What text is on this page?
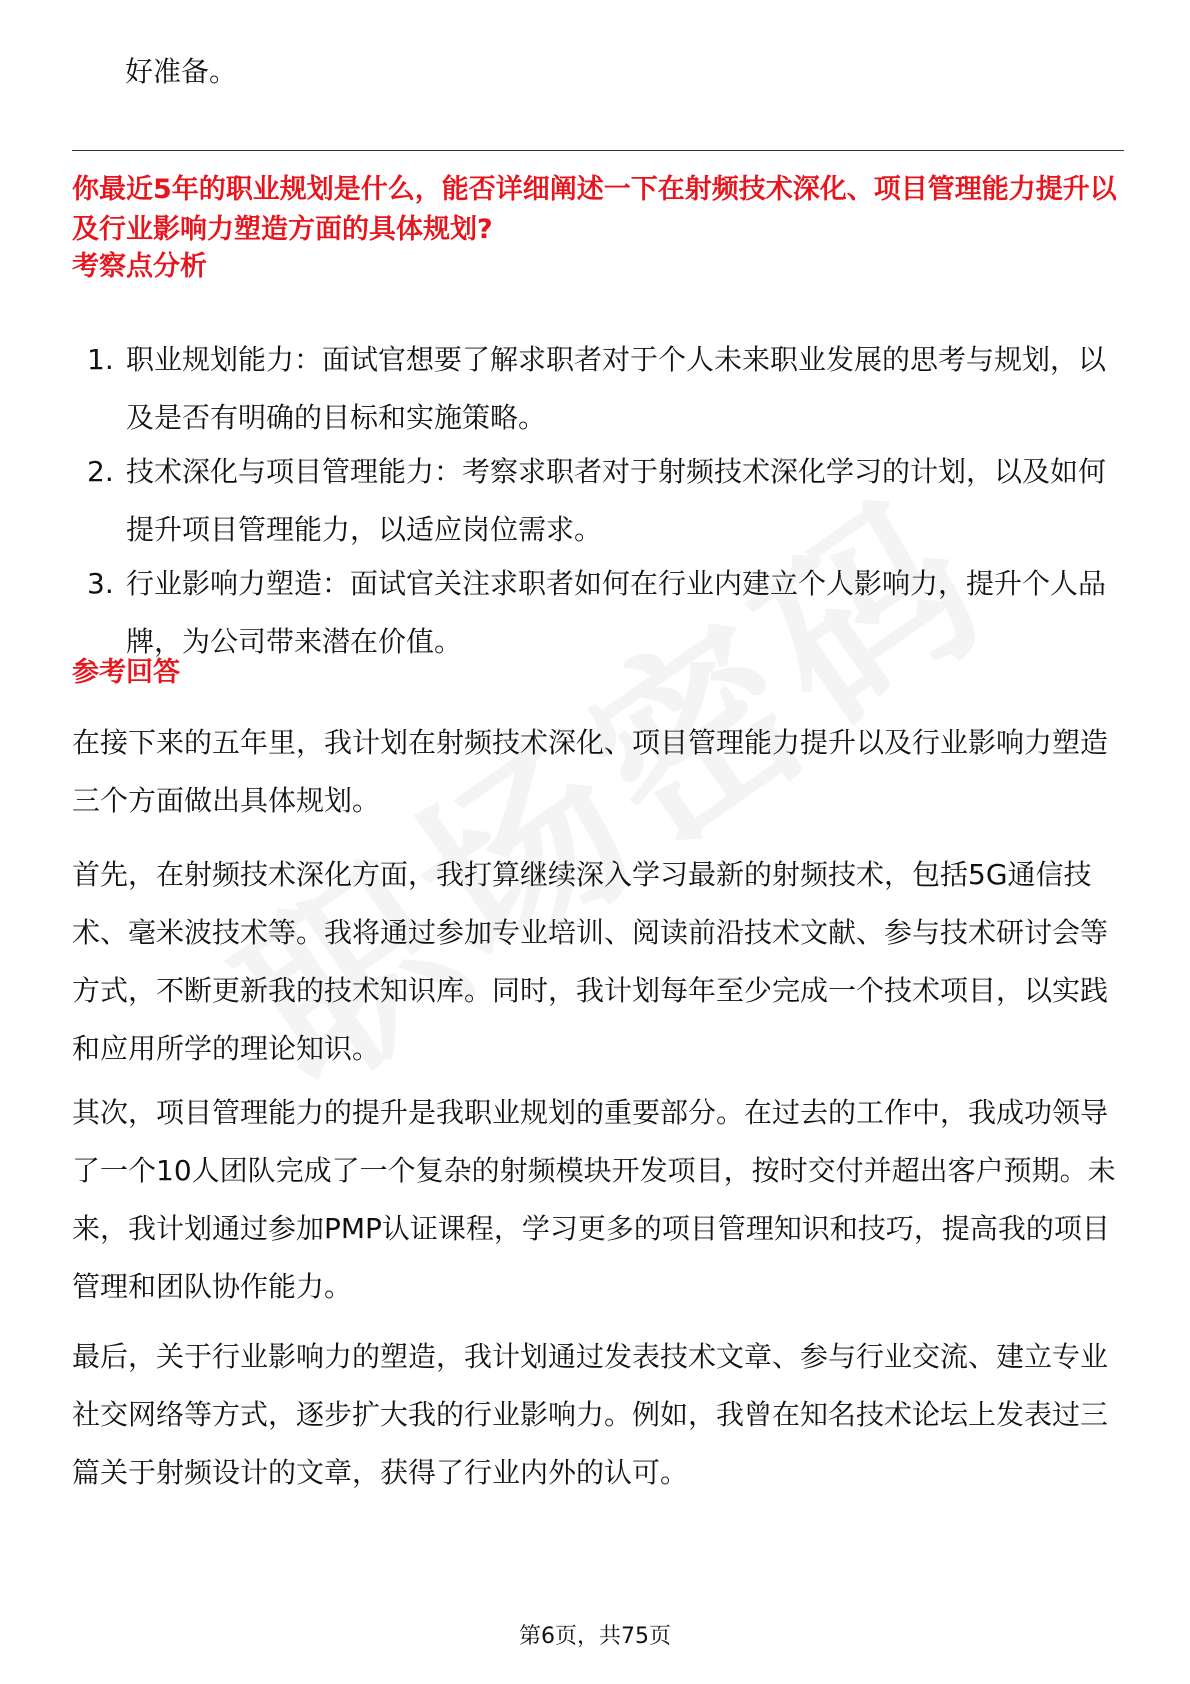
好准备。
你最近5年的职业规划是什么，能否详细阐述一下在射频技术深化、项目管理能力提升以及行业影响力塑造方面的具体规划?
考察点分析
1. 职业规划能力：面试官想要了解求职者对于个人未来职业发展的思考与规划，以及是否有明确的目标和实施策略。
2. 技术深化与项目管理能力：考察求职者对于射频技术深化学习的计划，以及如何提升项目管理能力，以适应岗位需求。
3. 行业影响力塑造：面试官关注求职者如何在行业内建立个人影响力，提升个人品牌，为公司带来潜在价值。
参考回答

在接下来的五年里，我计划在射频技术深化、项目管理能力提升以及行业影响力塑造三个方面做出具体规划。

首先，在射频技术深化方面，我打算继续深入学习最新的射频技术，包括5G通信技术、毫米波技术等。我将通过参加专业培训、阅读前沿技术文献、参与技术研讨会等方式，不断更新我的技术知识库。同时，我计划每年至少完成一个技术项目，以实践和应用所学的理论知识。

其次，项目管理能力的提升是我职业规划的重要部分。在过去的工作中，我成功领导了一个10人团队完成了一个复杂的射频模块开发项目，按时交付并超出客户预期。未来，我计划通过参加PMP认证课程，学习更多的项目管理知识和技巧，提高我的项目管理和团队协作能力。

最后，关于行业影响力的塑造，我计划通过发表技术文章、参与行业交流、建立专业社交网络等方式，逐步扩大我的行业影响力。例如，我曾在知名技术论坛上发表过三篇关于射频设计的文章，获得了行业内外的认可。

第6页，共75页
